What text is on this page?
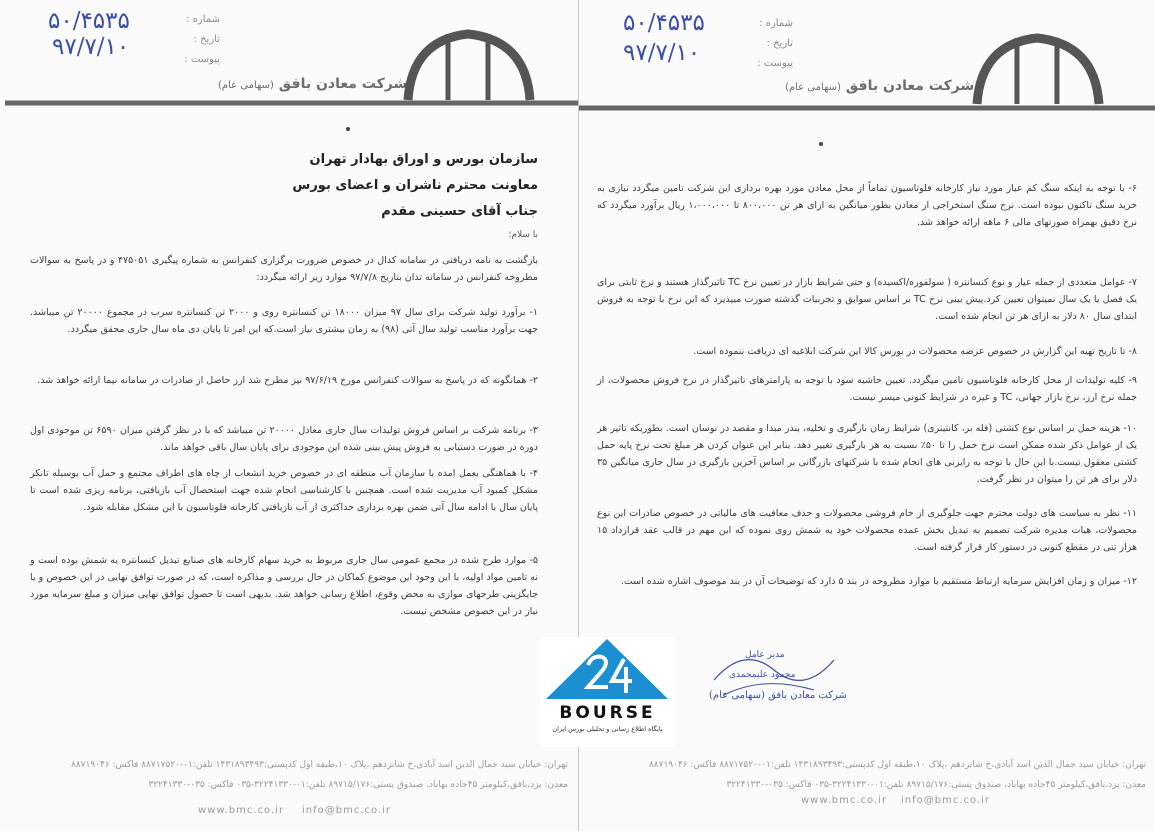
۵۰/۴۵۳۵
۹۷/۷/۱۰
شماره :
تاریخ :
پیوست :
شرکت معادن بافق (سهامی عام)
سازمان بورس و اوراق بهادار تهران
معاونت محترم ناشران و اعضای بورس
جناب آقای حسینی مقدم
با سلام؛
بازگشت به نامه دریافتی در سامانه کدال در خصوص ضرورت برگزاری کنفرانس به شماره پیگیری ۴۷۵۰۵۱ و در پاسخ به سوالات مطروحه کنفرانس در سامانه تدان بتاریخ ۹۷/۷/۸ موارد زیر ارائه میگردد:
۱- برآورد تولید شرکت برای سال ۹۷ میزان ۱۸۰۰۰ تن کنسانتره روی و ۲۰۰۰ تن کنسانتره سرب در مجموع ۲۰۰۰۰ تن میباشد. جهت برآورد مناسب تولید سال آتی (۹۸) به زمان بیشتری نیاز است.که این امر تا پایان دی ماه سال جاری محقق میگردد.
۲- همانگونه که در پاسخ به سوالات کنفرانس مورخ ۹۷/۶/۱۹ نیز مطرح شد ارز حاصل از صادرات در سامانه نیما ارائه خواهد شد.
۳- برنامه شرکت بر اساس فروش تولیدات سال جاری معادل ۲۰۰۰۰ تن میباشد که با در نظر گرفتن میزان ۶۵۹۰ تن موجودی اول دوره در صورت دستیابی به فروش پیش بینی شده این موجودی برای پایان سال باقی خواهد ماند.
۴- با هماهنگی بعمل امده با سازمان آب منطقه ای در خصوص خرید انشعاب از چاه های اطراف مجتمع و حمل آب بوسیله تانکر مشکل کمبود آب مدیریت شده است. همچنین با کارشناسی انجام شده جهت استحصال آب بازیافتی، برنامه ریزی شده است تا پایان سال با ادامه سال آتی ضمن بهره برداری حداکثری از آب بازیافتی کارخانه فلوتاسیون با این مشکل مقابله شود.
۵- موارد طرح شده در مجمع عمومی سال جاری مربوط به خرید سهام کارخانه های صنایع تبدیل کنسانتره به شمش بوده است و نه تامین مواد اولیه، با این وجود این موضوع کماکان در حال بررسی و مذاکره است، که در صورت توافق نهایی در این خصوص و یا جایگزینی طرحهای موازی به محض وقوع، اطلاع رسانی خواهد شد. بدیهی است تا حصول توافق نهایی میزان و مبلغ سرمایه مورد نیاز در این خصوص مشخص نیست.
تهران: خیابان سید جمال الدین اسد آبادی،خ شانزدهم ،پلاک ۱۰،طبقه اول کدپستی:۱۴۳۱۸۹۳۴۹۳ تلفن:۰۱-۸۸۷۱۷۵۲۰ فاکس: ۸۸۷۱۹۰۴۶
معدن: یزد،بافق،کیلومتر ۴۵جاده بهاباد، صندوق پستی:۸۹۷۱۵/۱۷۶ تلفن:۰۱-۳۲۲۴۱۳۳۰-۰۳۵ فاکس: ۰۳۵-۳۲۲۴۱۳۳۰
www.bmc.co.ir info@bmc.co.ir
۵۰/۴۵۳۵
۹۷/۷/۱۰
شماره :
تاریخ :
پیوست :
شرکت معادن بافق (سهامی عام)
۶- با توجه به اینکه سنگ کم عیار مورد نیاز کارخانه فلوتاسیون تماماً از محل معادن مورد بهره برداری این شرکت تامین میگردد نیازی به خرید سنگ تاکنون نبوده است. نرخ سنگ استخراجی از معادن بطور میانگین به ازای هر تن ۸۰۰،۰۰۰ تا ۱،۰۰۰،۰۰۰ ریال برآورد میگردد که نرخ دقیق بهمراه صورتهای مالی ۶ ماهه ارائه خواهد شد.
۷- عوامل متعددی از جمله عیار و نوع کنسانتره ( سولفوره/اکسیده) و حتی شرایط بازار در تعیین نرخ TC تاثیرگذار هستند و نرخ ثابتی برای یک فصل یا یک سال نمیتوان تعیین کرد.پیش بینی نرخ TC بر اساس سوابق و تجربیات گذشته صورت میپذیرد که این نرخ با توجه به فروش ابتدای سال ۸۰ دلار به ازای هر تن انجام شده است.
۸- تا تاریخ تهیه این گزارش در خصوص عرضه محصولات در بورس کالا این شرکت ابلاغیه ای دریافت ننموده است.
۹- کلیه تولیدات از محل کارخانه فلوتاسیون تامین میگردد. تعیین حاشیه سود با توجه به پارامترهای تاثیرگذار در نرخ فروش محصولات، از جمله نرخ ارز، نرخ بازار جهانی، TC و غیره در شرایط کنونی میسر نیست.
۱۰- هزینه حمل بر اساس نوع کشتی (فله بر، کانتینری) شرایط زمان بارگیری و تخلیه، بندر مبدا و مقصد در نوسان است. بطوریکه تاثیر هر یک از عوامل ذکر شده ممکن است نرخ حمل را تا ۵۰٪ نسبت به هر بارگیری تغییر دهد. بنابر این عنوان کردن هر مبلغ تحت نرخ پایه حمل کشتی معقول نیست.با این حال با توجه به رایزنی های انجام شده با شرکتهای بازرگانی بر اساس آخرین بارگیری در سال جاری میانگین ۳۵ دلار برای هر تن را میتوان در نظر گرفت.
۱۱- نظر به سیاست های دولت محترم جهت جلوگیری از خام فروشی محصولات و حذف معافیت های مالیاتی در خصوص صادرات این نوع محصولات، هیات مدیره شرکت تصمیم به تبدیل بخش عمده محصولات خود به شمش روی نموده که این مهم در قالب عقد قرارداد ۱۵ هزار تنی در مقطع کنونی در دستور کار قرار گرفته است.
۱۲- میزان و زمان افزایش سرمایه ارتباط مستقیم با موارد مطروحه در بند ۵ دارد که توضیحات آن در بند موصوف اشاره شده است.
مدیر عامل
محمود علیمحمدی
شرکت معادن بافق (سهامی عام)
تهران: خیابان سید جمال الدین اسد آبادی،خ شانزدهم ،پلاک ۱۰،طبقه اول کدپستی:۱۴۳۱۸۹۳۴۹۳ تلفن:۰۱-۸۸۷۱۷۵۲۰ فاکس: ۸۸۷۱۹۰۴۶
معدن: یزد،بافق،کیلومتر ۴۵جاده بهاباد، صندوق پستی:۸۹۷۱۵/۱۷۶ تلفن:۰۱-۳۲۲۴۱۳۳۰-۰۳۵ فاکس: ۰۳۵-۳۲۲۴۱۳۳۰
www.bmc.co.ir info@bmc.co.ir
BOURSE
پایگاه اطلاع رسانی و تحلیلی بورس ایران
